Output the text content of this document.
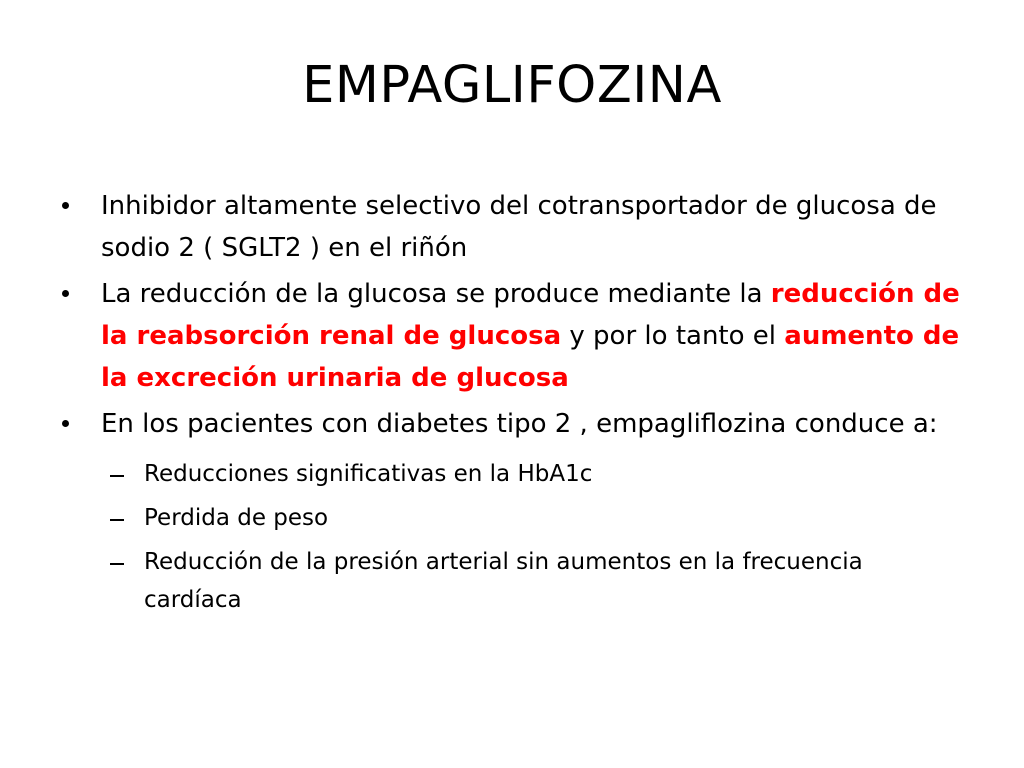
EMPAGLIFOZINA
Inhibidor altamente selectivo del cotransportador de glucosa de sodio 2 ( SGLT2 ) en el riñón
La reducción de la glucosa se produce mediante la reducción de la reabsorción renal de glucosa y por lo tanto el aumento de la excreción urinaria de glucosa
En los pacientes con diabetes tipo 2 , empagliflozina conduce a:
Reducciones significativas en la HbA1c
Perdida de peso
Reducción de la presión arterial sin aumentos en la frecuencia cardíaca
